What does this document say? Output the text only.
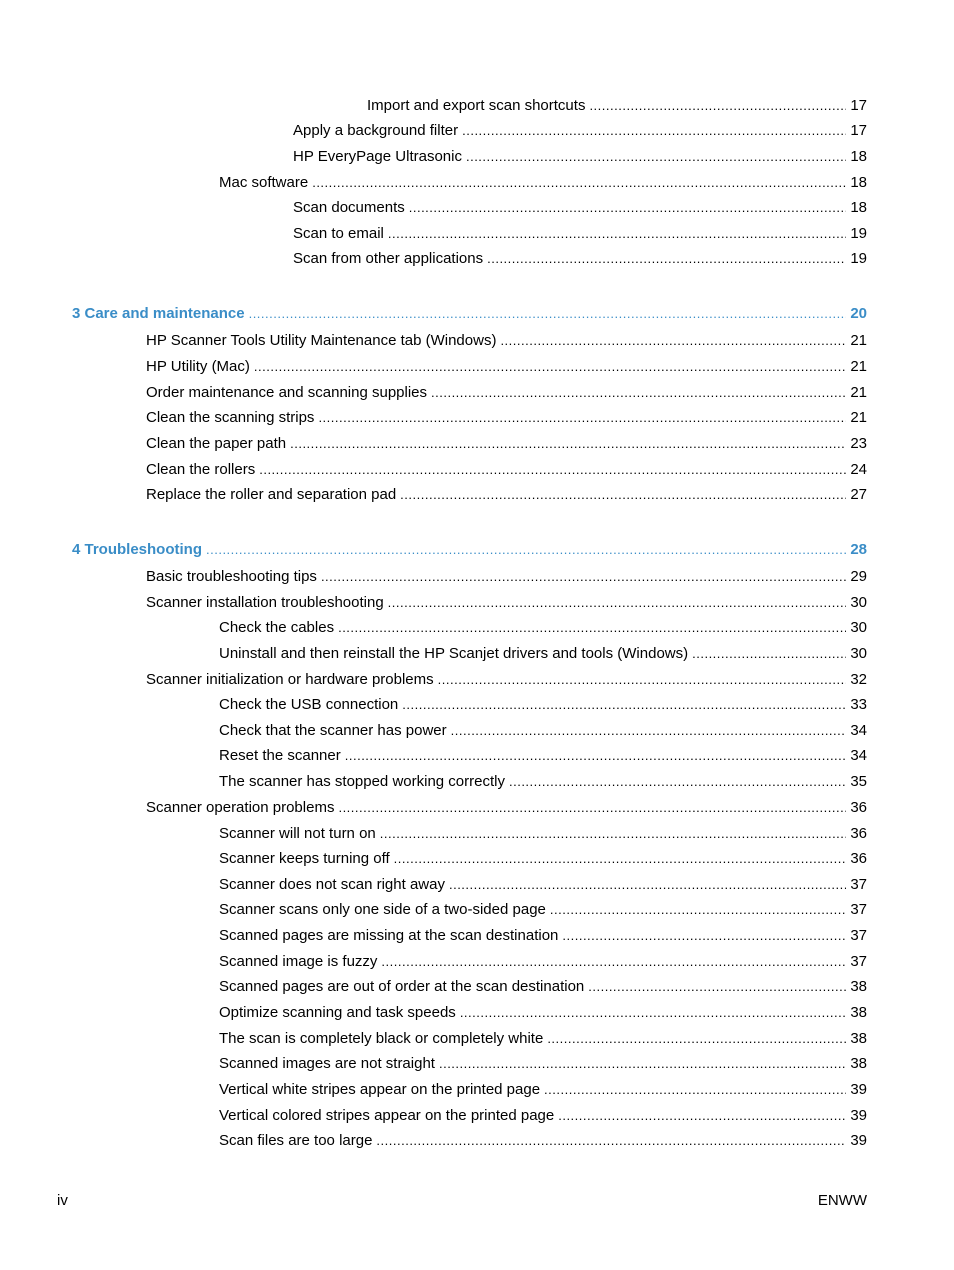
Import and export scan shortcuts .....	17
Apply a background filter .....	17
HP EveryPage Ultrasonic .....	18
Mac software .....	18
Scan documents .....	18
Scan to email .....	19
Scan from other applications .....	19
3 Care and maintenance .....	20
HP Scanner Tools Utility Maintenance tab (Windows) .....	21
HP Utility (Mac) .....	21
Order maintenance and scanning supplies .....	21
Clean the scanning strips .....	21
Clean the paper path .....	23
Clean the rollers .....	24
Replace the roller and separation pad .....	27
4 Troubleshooting .....	28
Basic troubleshooting tips .....	29
Scanner installation troubleshooting .....	30
Check the cables .....	30
Uninstall and then reinstall the HP Scanjet drivers and tools (Windows) .....	30
Scanner initialization or hardware problems .....	32
Check the USB connection .....	33
Check that the scanner has power .....	34
Reset the scanner .....	34
The scanner has stopped working correctly .....	35
Scanner operation problems .....	36
Scanner will not turn on .....	36
Scanner keeps turning off .....	36
Scanner does not scan right away .....	37
Scanner scans only one side of a two-sided page .....	37
Scanned pages are missing at the scan destination .....	37
Scanned image is fuzzy .....	37
Scanned pages are out of order at the scan destination .....	38
Optimize scanning and task speeds .....	38
The scan is completely black or completely white .....	38
Scanned images are not straight .....	38
Vertical white stripes appear on the printed page .....	39
Vertical colored stripes appear on the printed page .....	39
Scan files are too large .....	39
iv	ENWW
